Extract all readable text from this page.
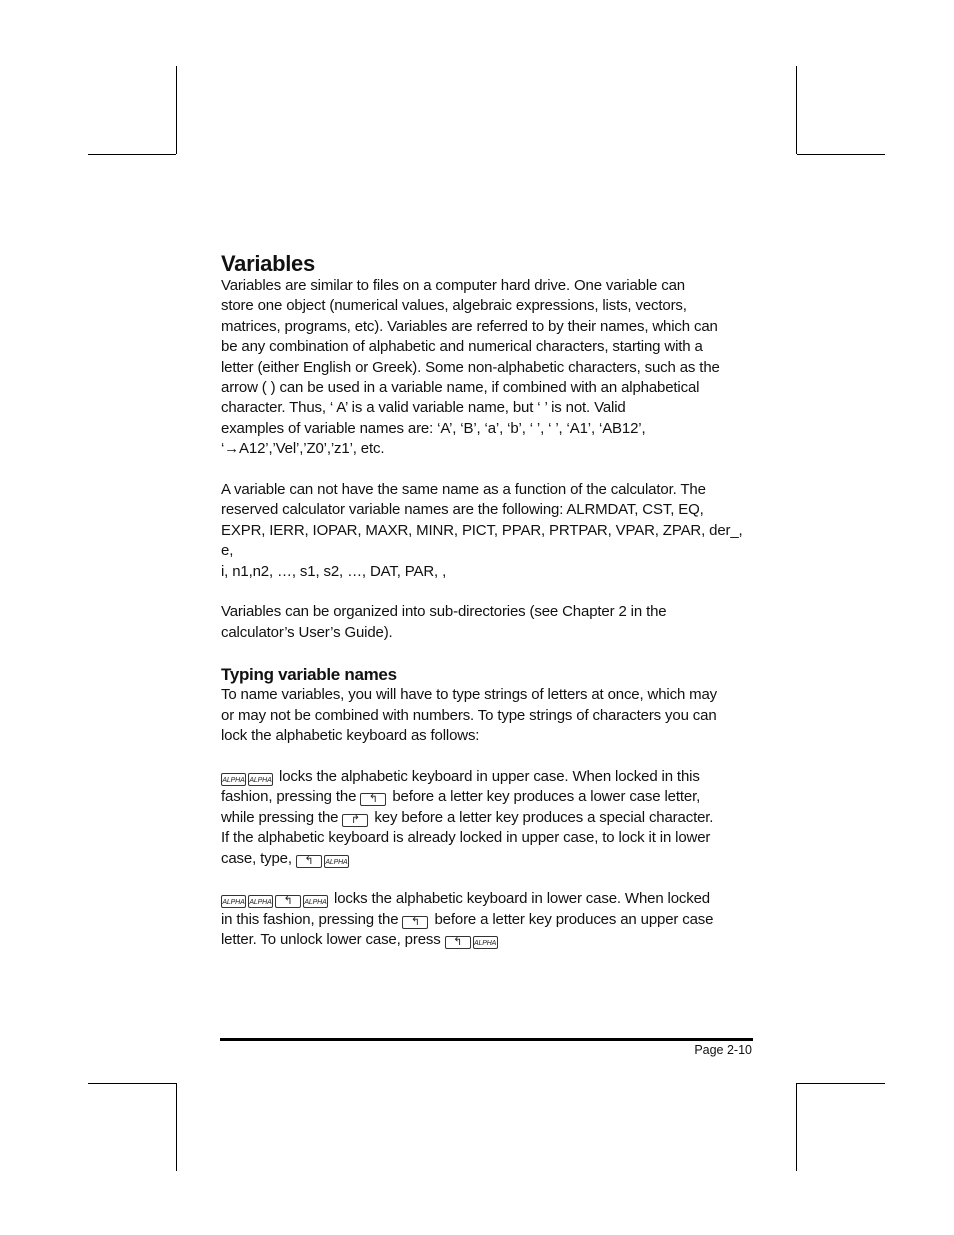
Variables

Variables are similar to files on a computer hard drive. One variable can
store one object (numerical values, algebraic expressions, lists, vectors,
matrices, programs, etc). Variables are referred to by their names, which can
be any combination of alphabetic and numerical characters, starting with a
letter (either English or Greek). Some non-alphabetic characters, such as the
arrow ( ) can be used in a variable name, if combined with an alphabetical
character. Thus, ‘ A’ is a valid variable name, but ‘ ’ is not. Valid
examples of variable names are: ‘A’, ‘B’, ‘a’, ‘b’, ‘ ’, ‘ ’, ‘A1’, ‘AB12’,
‘→A12’,’Vel’,’Z0’,’z1’, etc.

A variable can not have the same name as a function of the calculator. The
reserved calculator variable names are the following: ALRMDAT, CST, EQ,
EXPR, IERR, IOPAR, MAXR, MINR, PICT, PPAR, PRTPAR, VPAR, ZPAR, der_, e,
i, n1,n2, …, s1, s2, …, DAT, PAR, ,

Variables can be organized into sub-directories (see Chapter 2 in the
calculator’s User’s Guide).

Typing variable names

To name variables, you will have to type strings of letters at once, which may
or may not be combined with numbers. To type strings of characters you can
lock the alphabetic keyboard as follows:

ALPHA ALPHA locks the alphabetic keyboard in upper case. When locked in this
fashion, pressing the ↰ before a letter key produces a lower case letter,
while pressing the ↱ key before a letter key produces a special character.
If the alphabetic keyboard is already locked in upper case, to lock it in lower
case, type, ↰ ALPHA

ALPHA ALPHA ↰ ALPHA locks the alphabetic keyboard in lower case. When locked
in this fashion, pressing the ↰ before a letter key produces an upper case
letter. To unlock lower case, press ↰ ALPHA

Page 2-10
